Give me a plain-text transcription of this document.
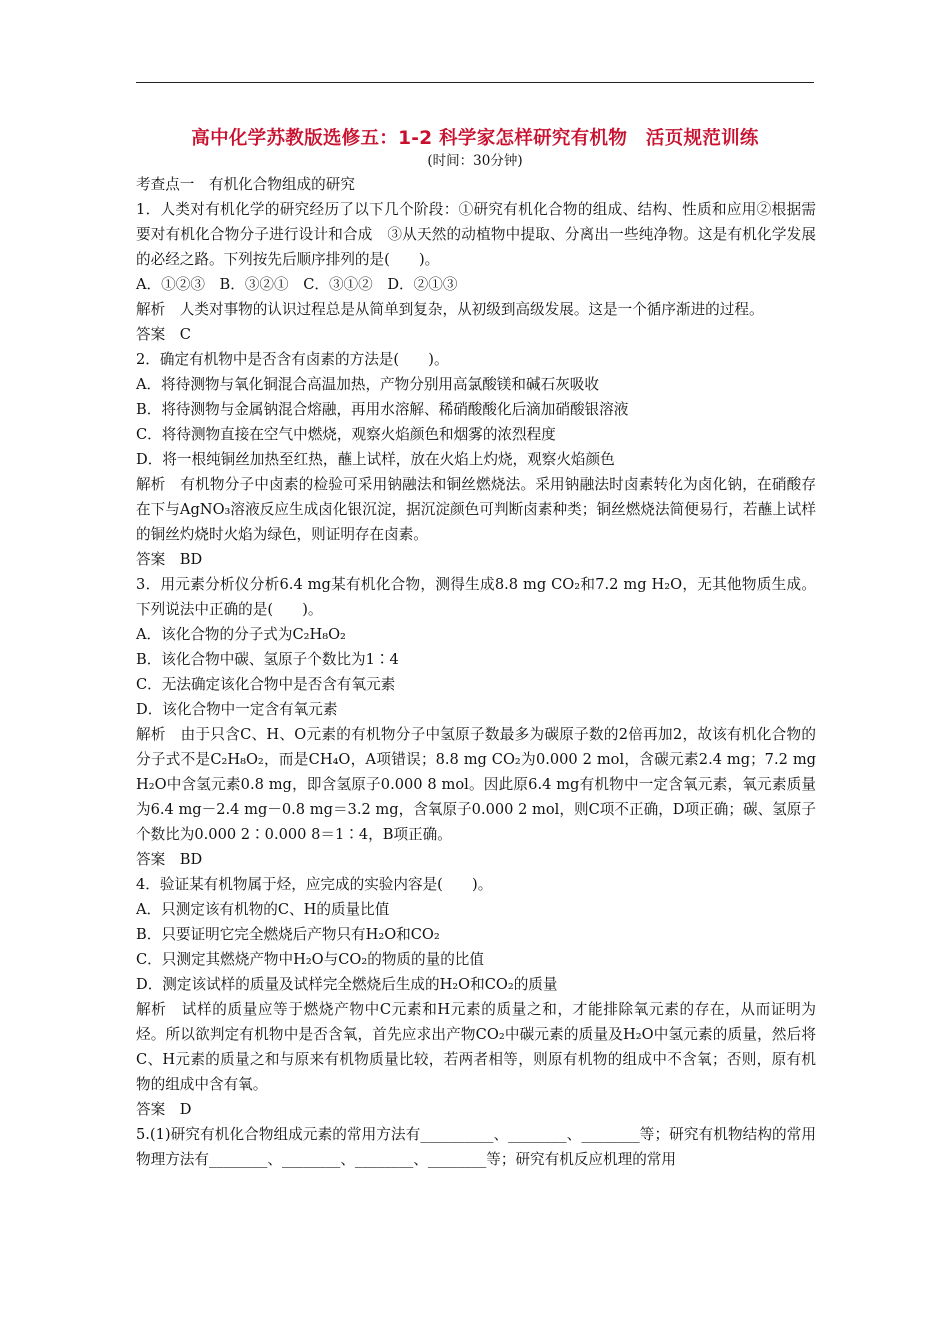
高中化学苏教版选修五：1-2 科学家怎样研究有机物　活页规范训练
(时间：30分钟)

考查点一　有机化合物组成的研究

1．人类对有机化学的研究经历了以下几个阶段：①研究有机化合物的组成、结构、性质和应用②根据需要对有机化合物分子进行设计和合成　③从天然的动植物中提取、分离出一些纯净物。这是有机化学发展的必经之路。下列按先后顺序排列的是(　　)。

A．①②③　B．③②①　C．③①②　D．②①③

解析　人类对事物的认识过程总是从简单到复杂，从初级到高级发展。这是一个循序渐进的过程。

答案　C

2．确定有机物中是否含有卤素的方法是(　　)。

A．将待测物与氧化铜混合高温加热，产物分别用高氯酸镁和碱石灰吸收

B．将待测物与金属钠混合熔融，再用水溶解、稀硝酸酸化后滴加硝酸银溶液

C．将待测物直接在空气中燃烧，观察火焰颜色和烟雾的浓烈程度

D．将一根纯铜丝加热至红热，蘸上试样，放在火焰上灼烧，观察火焰颜色

解析　有机物分子中卤素的检验可采用钠融法和铜丝燃烧法。采用钠融法时卤素转化为卤化钠，在硝酸存在下与AgNO₃溶液反应生成卤化银沉淀，据沉淀颜色可判断卤素种类；铜丝燃烧法简便易行，若蘸上试样的铜丝灼烧时火焰为绿色，则证明存在卤素。

答案　BD

3．用元素分析仪分析6.4 mg某有机化合物，测得生成8.8 mg CO₂和7.2 mg H₂O，无其他物质生成。下列说法中正确的是(　　)。

A．该化合物的分子式为C₂H₈O₂

B．该化合物中碳、氢原子个数比为1∶4

C．无法确定该化合物中是否含有氧元素

D．该化合物中一定含有氧元素

解析　由于只含C、H、O元素的有机物分子中氢原子数最多为碳原子数的2倍再加2，故该有机化合物的分子式不是C₂H₈O₂，而是CH₄O，A项错误；8.8 mg CO₂为0.000 2 mol，含碳元素2.4 mg；7.2 mg H₂O中含氢元素0.8 mg，即含氢原子0.000 8 mol。因此原6.4 mg有机物中一定含氧元素，氧元素质量为6.4 mg－2.4 mg－0.8 mg＝3.2 mg，含氧原子0.000 2 mol，则C项不正确，D项正确；碳、氢原子个数比为0.000 2∶0.000 8＝1∶4，B项正确。

答案　BD

4．验证某有机物属于烃，应完成的实验内容是(　　)。

A．只测定该有机物的C、H的质量比值

B．只要证明它完全燃烧后产物只有H₂O和CO₂

C．只测定其燃烧产物中H₂O与CO₂的物质的量的比值

D．测定该试样的质量及试样完全燃烧后生成的H₂O和CO₂的质量

解析　试样的质量应等于燃烧产物中C元素和H元素的质量之和，才能排除氧元素的存在，从而证明为烃。所以欲判定有机物中是否含氧，首先应求出产物CO₂中碳元素的质量及H₂O中氢元素的质量，然后将C、H元素的质量之和与原来有机物质量比较，若两者相等，则原有机物的组成中不含氧；否则，原有机物的组成中含有氧。

答案　D

5.(1)研究有机化合物组成元素的常用方法有__________、________、________等；研究有机物结构的常用物理方法有________、________、________、________等；研究有机反应机理的常用
